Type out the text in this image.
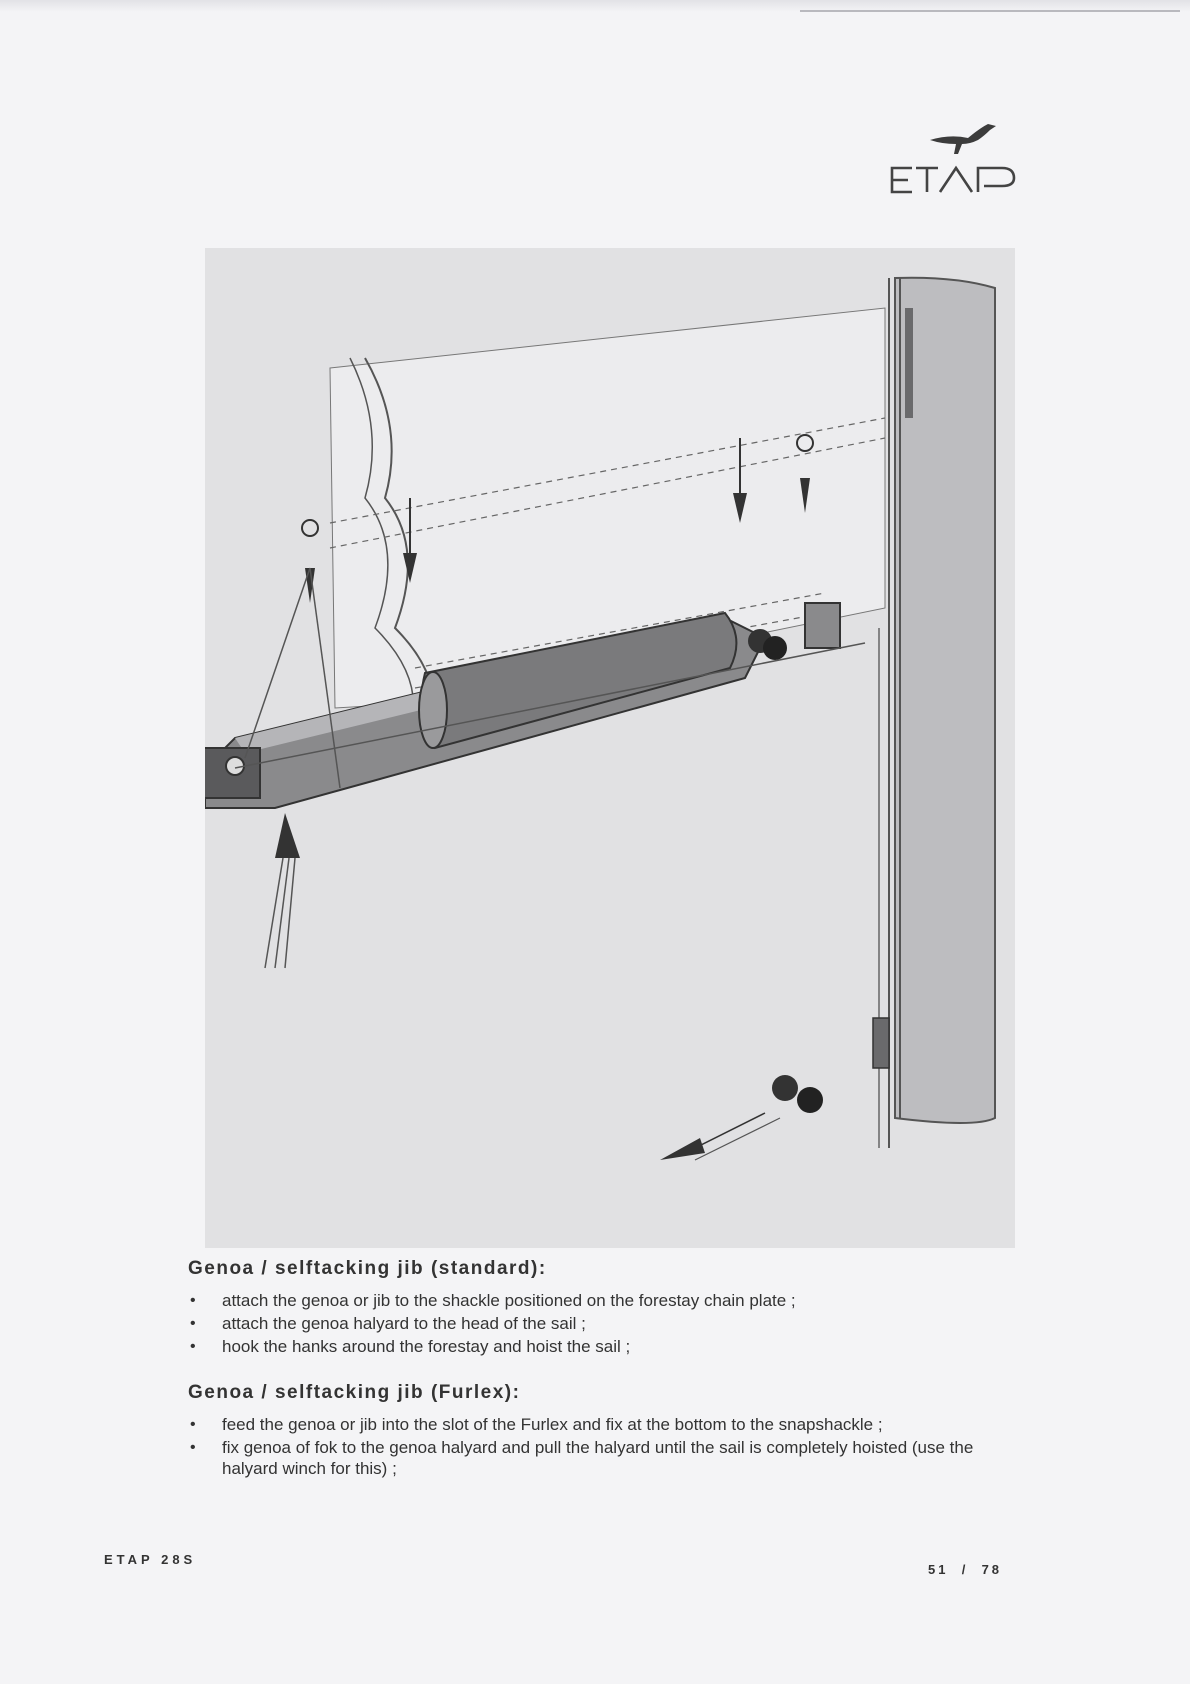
Genoa / selftacking jib (standard):
• attach the genoa or jib to the shackle positioned on the forestay chain plate ;
• attach the genoa halyard to the head of the sail ;
• hook the hanks around the forestay and hoist the sail ;
Genoa / selftacking jib (Furlex):
• feed the genoa or jib into the slot of the Furlex and fix at the bottom to the snapshackle ;
• fix genoa of fok to the genoa halyard and pull the halyard until the sail is completely hoisted (use the halyard winch for this) ;
ETAP 28S
51 / 78
